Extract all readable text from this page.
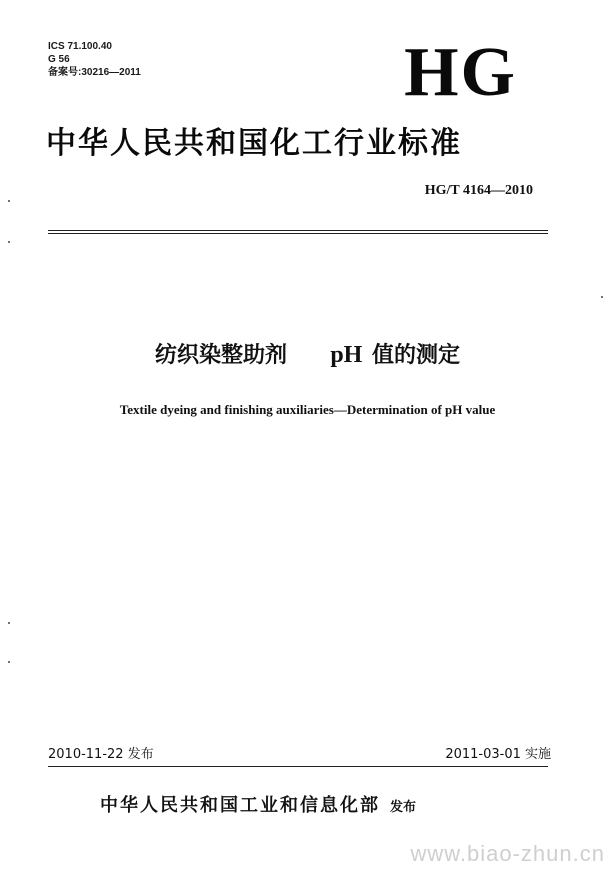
ICS 71.100.40
G 56
备案号:30216—2011	HG
中华人民共和国化工行业标准
HG/T 4164—2010
纺织染整助剂 pH 值的测定
Textile dyeing and finishing auxiliaries—Determination of pH value
2010-11-22 发布	2011-03-01 实施
中华人民共和国工业和信息化部 发布
www.biao-zhun.cn
